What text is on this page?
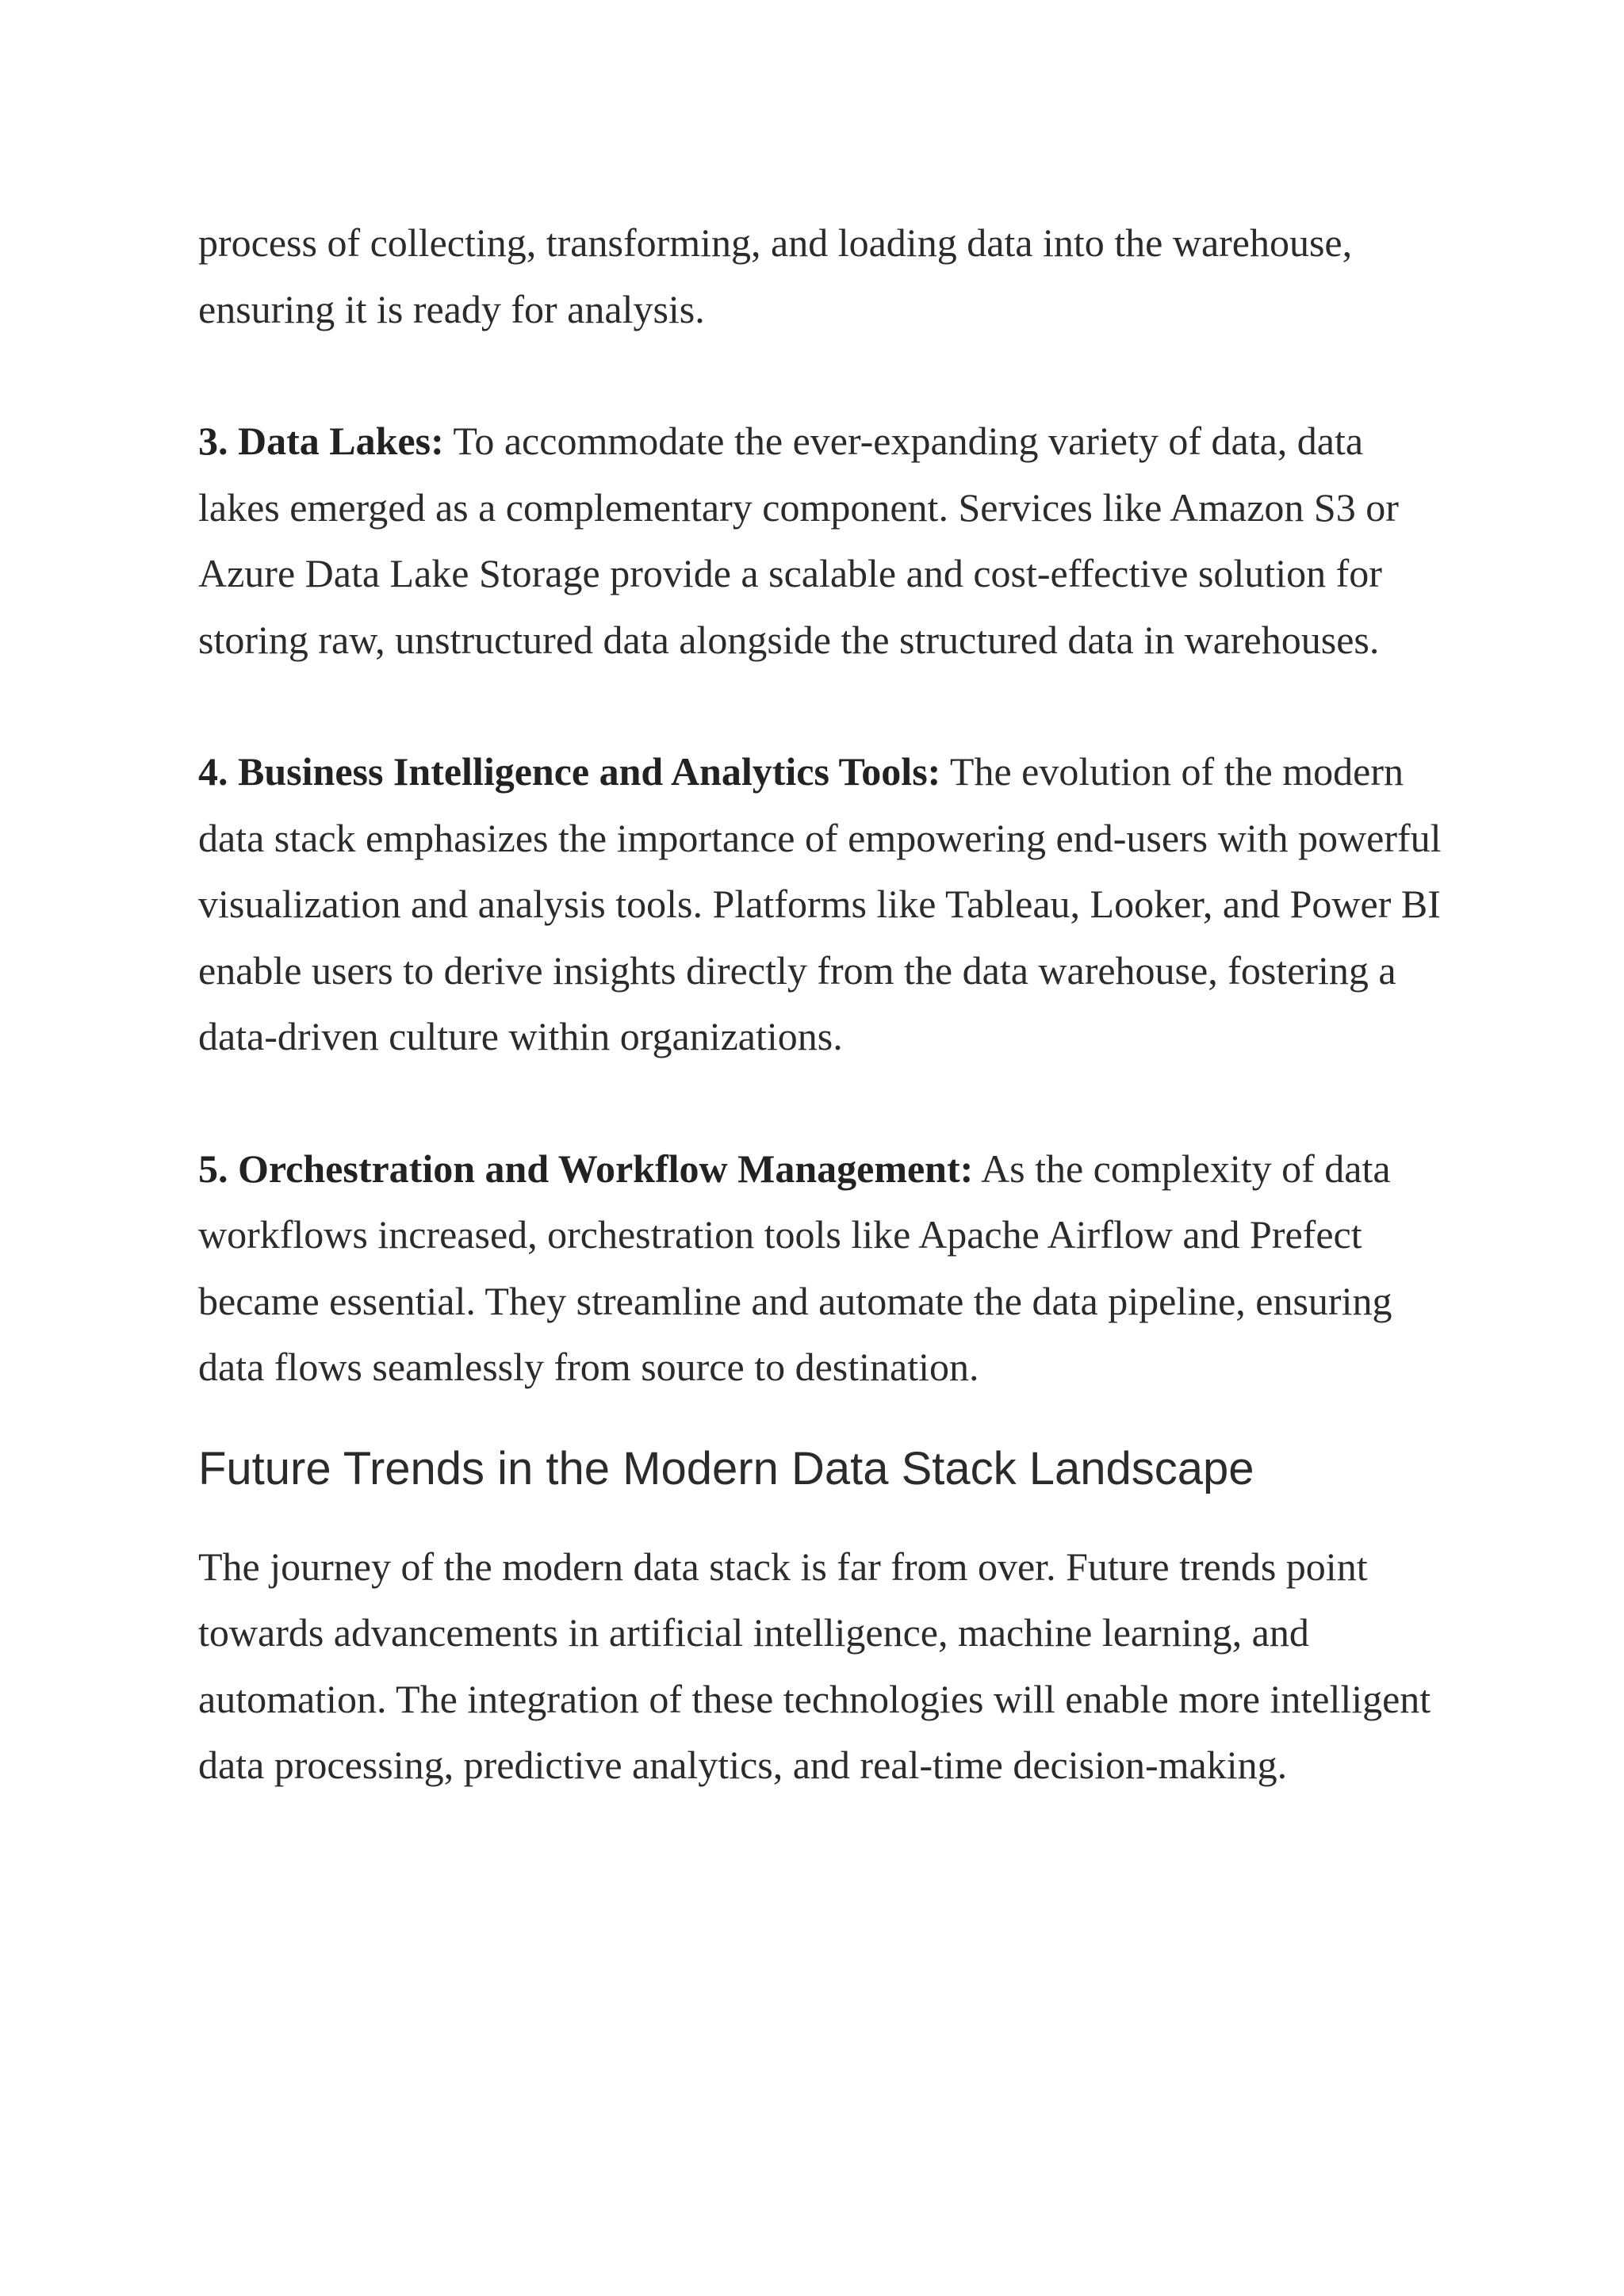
process of collecting, transforming, and loading data into the warehouse, ensuring it is ready for analysis.

3. Data Lakes: To accommodate the ever-expanding variety of data, data lakes emerged as a complementary component. Services like Amazon S3 or Azure Data Lake Storage provide a scalable and cost-effective solution for storing raw, unstructured data alongside the structured data in warehouses.

4. Business Intelligence and Analytics Tools: The evolution of the modern data stack emphasizes the importance of empowering end-users with powerful visualization and analysis tools. Platforms like Tableau, Looker, and Power BI enable users to derive insights directly from the data warehouse, fostering a data-driven culture within organizations.

5. Orchestration and Workflow Management: As the complexity of data workflows increased, orchestration tools like Apache Airflow and Prefect became essential. They streamline and automate the data pipeline, ensuring data flows seamlessly from source to destination.

Future Trends in the Modern Data Stack Landscape

The journey of the modern data stack is far from over. Future trends point towards advancements in artificial intelligence, machine learning, and automation. The integration of these technologies will enable more intelligent data processing, predictive analytics, and real-time decision-making.
